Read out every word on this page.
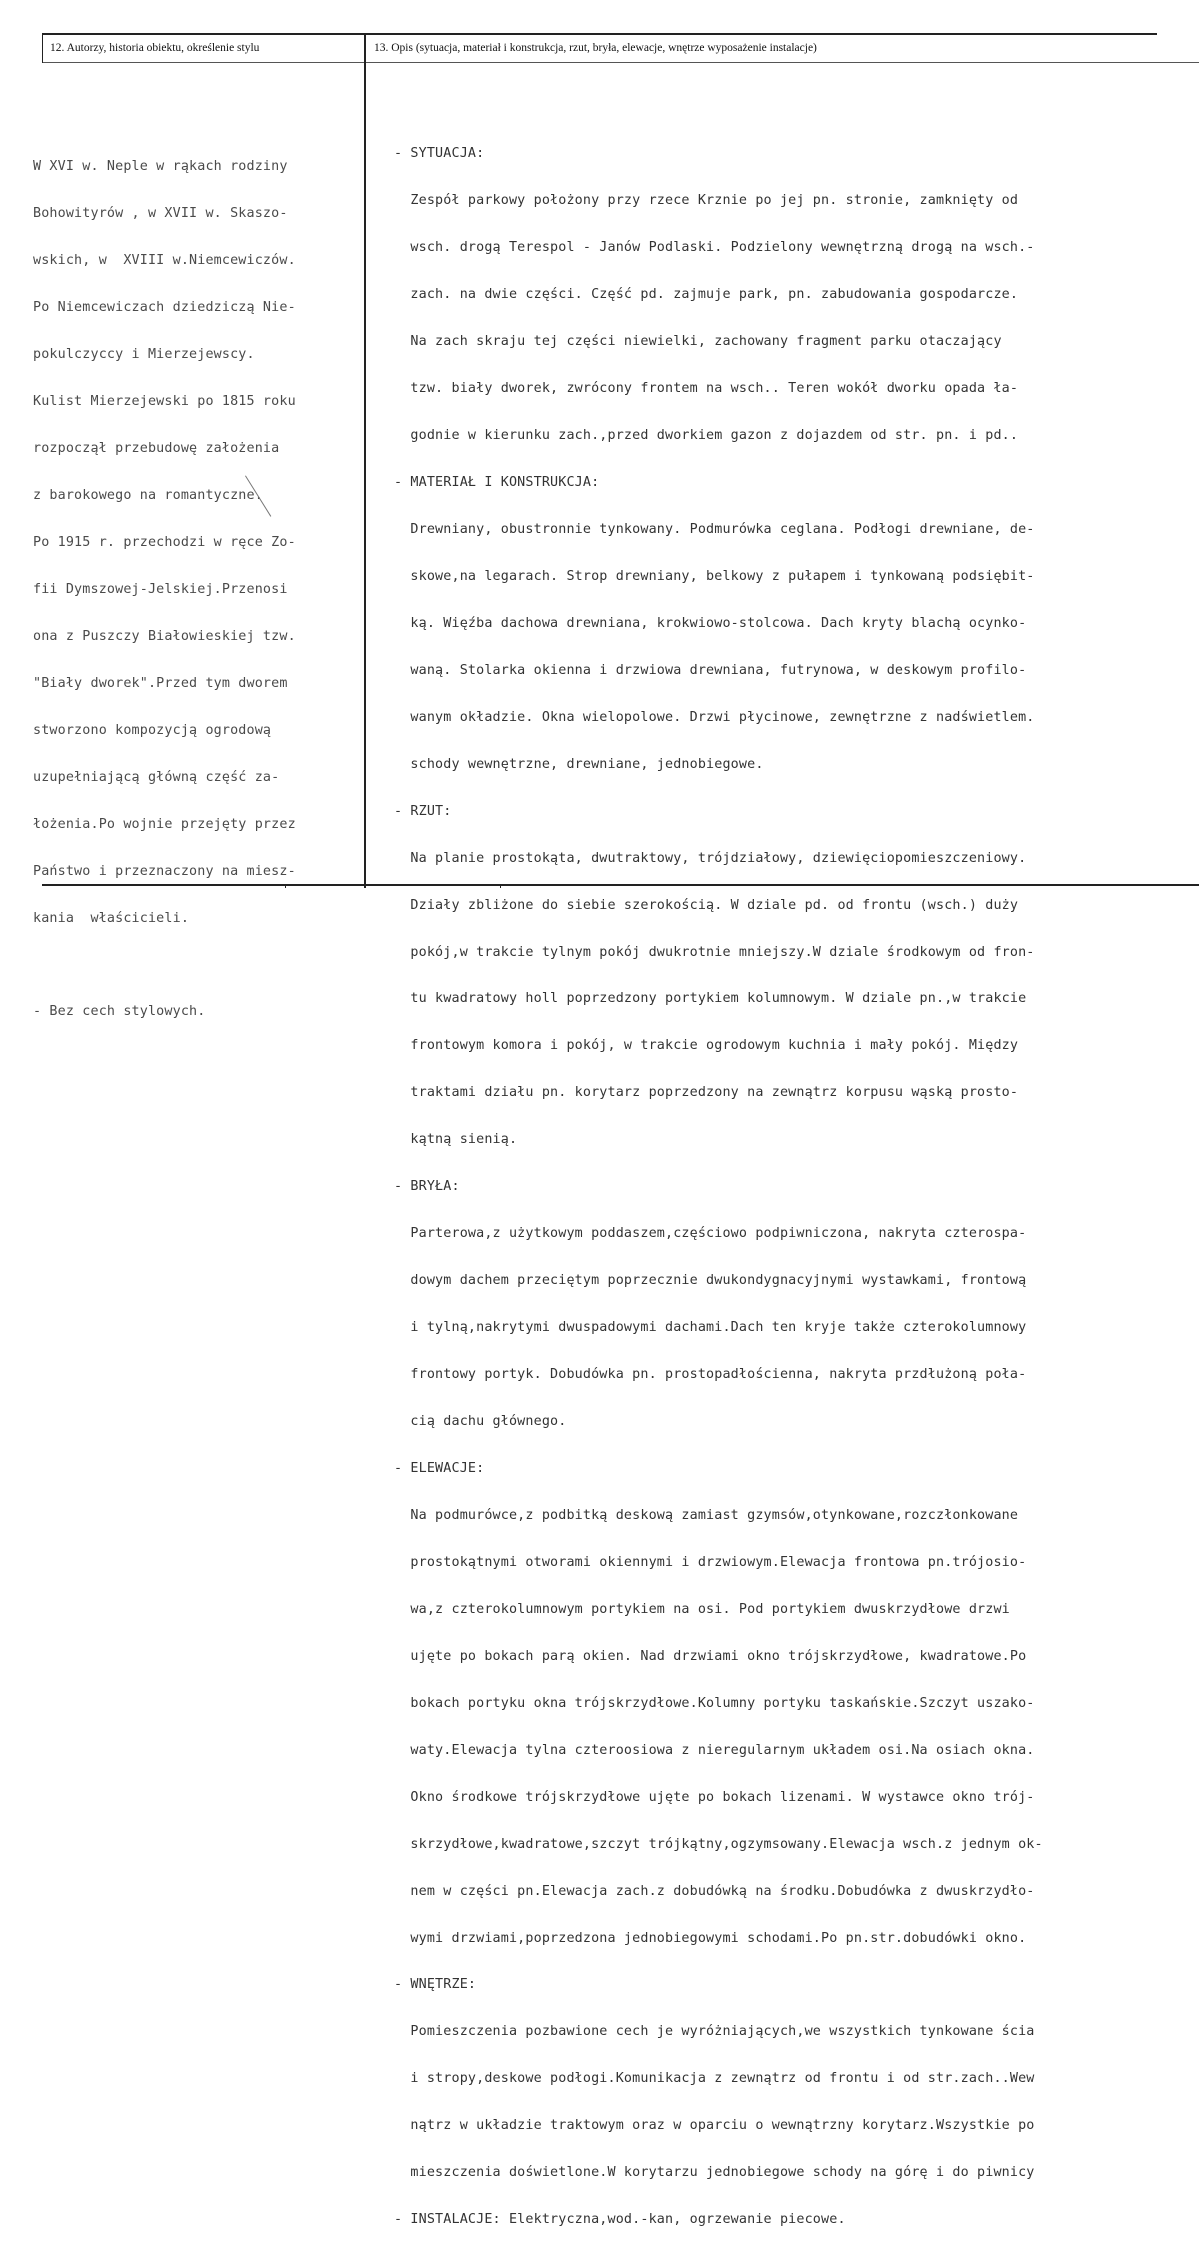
12. Autorzy, historia obiektu, określenie stylu	13. Opis (sytuacja, materiał i konstrukcja, rzut, bryła, elewacje, wnętrze wyposażenie instalacje)

W XVI w. Neple w rąkach rodziny

Bohowityrów , w XVII w. Skaszo-

wskich, w  XVIII w.Niemcewiczów.

Po Niemcewiczach dziedziczą Nie-

pokulczyccy i Mierzejewscy.

Kulist Mierzejewski po 1815 roku

rozpoczął przebudowę założenia

z barokowego na romantyczne.

Po 1915 r. przechodzi w ręce Zo-

fii Dymszowej-Jelskiej.Przenosi

ona z Puszczy Białowieskiej tzw.

"Biały dworek".Przed tym dworem

stworzono kompozycją ogrodową

uzupełniającą główną część za-

łożenia.Po wojnie przejęty przez

Państwo i przeznaczony na miesz-

kania  właścicieli.

- Bez cech stylowych.

- SYTUACJA:

Zespół parkowy położony przy rzece Krznie po jej pn. stronie, zamknięty od

wsch. drogą Terespol - Janów Podlaski. Podzielony wewnętrzną drogą na wsch.-

zach. na dwie części. Część pd. zajmuje park, pn. zabudowania gospodarcze.

Na zach skraju tej części niewielki, zachowany fragment parku otaczający

tzw. biały dworek, zwrócony frontem na wsch.. Teren wokół dworku opada ła-

godnie w kierunku zach.,przed dworkiem gazon z dojazdem od str. pn. i pd..

- MATERIAŁ I KONSTRUKCJA:

Drewniany, obustronnie tynkowany. Podmurówka ceglana. Podłogi drewniane, de-

skowe,na legarach. Strop drewniany, belkowy z pułapem i tynkowaną podsiębit-

ką. Więźba dachowa drewniana, krokwiowo-stolcowa. Dach kryty blachą ocynko-

waną. Stolarka okienna i drzwiowa drewniana, futrynowa, w deskowym profilo-

wanym okładzie. Okna wielopolowe. Drzwi płycinowe, zewnętrzne z nadświetlem.

schody wewnętrzne, drewniane, jednobiegowe.

- RZUT:

Na planie prostokąta, dwutraktowy, trójdziałowy, dziewięciopomieszczeniowy.

Działy zbliżone do siebie szerokością. W dziale pd. od frontu (wsch.) duży

pokój,w trakcie tylnym pokój dwukrotnie mniejszy.W dziale środkowym od fron-

tu kwadratowy holl poprzedzony portykiem kolumnowym. W dziale pn.,w trakcie

frontowym komora i pokój, w trakcie ogrodowym kuchnia i mały pokój. Między

traktami działu pn. korytarz poprzedzony na zewnątrz korpusu wąską prosto-

kątną sienią.

- BRYŁA:

Parterowa,z użytkowym poddaszem,częściowo podpiwniczona, nakryta czterospa-

dowym dachem przeciętym poprzecznie dwukondygnacyjnymi wystawkami, frontową

i tylną,nakrytymi dwuspadowymi dachami.Dach ten kryje także czterokolumnowy

frontowy portyk. Dobudówka pn. prostopadłościenna, nakryta przdłużoną poła-

cią dachu głównego.

- ELEWACJE:

Na podmurówce,z podbitką deskową zamiast gzymsów,otynkowane,rozczłonkowane

prostokątnymi otworami okiennymi i drzwiowym.Elewacja frontowa pn.trójosio-

wa,z czterokolumnowym portykiem na osi. Pod portykiem dwuskrzydłowe drzwi

ujęte po bokach parą okien. Nad drzwiami okno trójskrzydłowe, kwadratowe.Po

bokach portyku okna trójskrzydłowe.Kolumny portyku taskańskie.Szczyt uszako-

waty.Elewacja tylna czteroosiowa z nieregularnym układem osi.Na osiach okna.

Okno środkowe trójskrzydłowe ujęte po bokach lizenami. W wystawce okno trój-

skrzydłowe,kwadratowe,szczyt trójkątny,ogzymsowany.Elewacja wsch.z jednym ok-

nem w części pn.Elewacja zach.z dobudówką na środku.Dobudówka z dwuskrzydło-

wymi drzwiami,poprzedzona jednobiegowymi schodami.Po pn.str.dobudówki okno.

- WNĘTRZE:

Pomieszczenia pozbawione cech je wyróżniających,we wszystkich tynkowane ścia

i stropy,deskowe podłogi.Komunikacja z zewnątrz od frontu i od str.zach..Wew

nątrz w układzie traktowym oraz w oparciu o wewnątrzny korytarz.Wszystkie po

mieszczenia doświetlone.W korytarzu jednobiegowe schody na górę i do piwnicy

- INSTALACJE: Elektryczna,wod.-kan, ogrzewanie piecowe.
